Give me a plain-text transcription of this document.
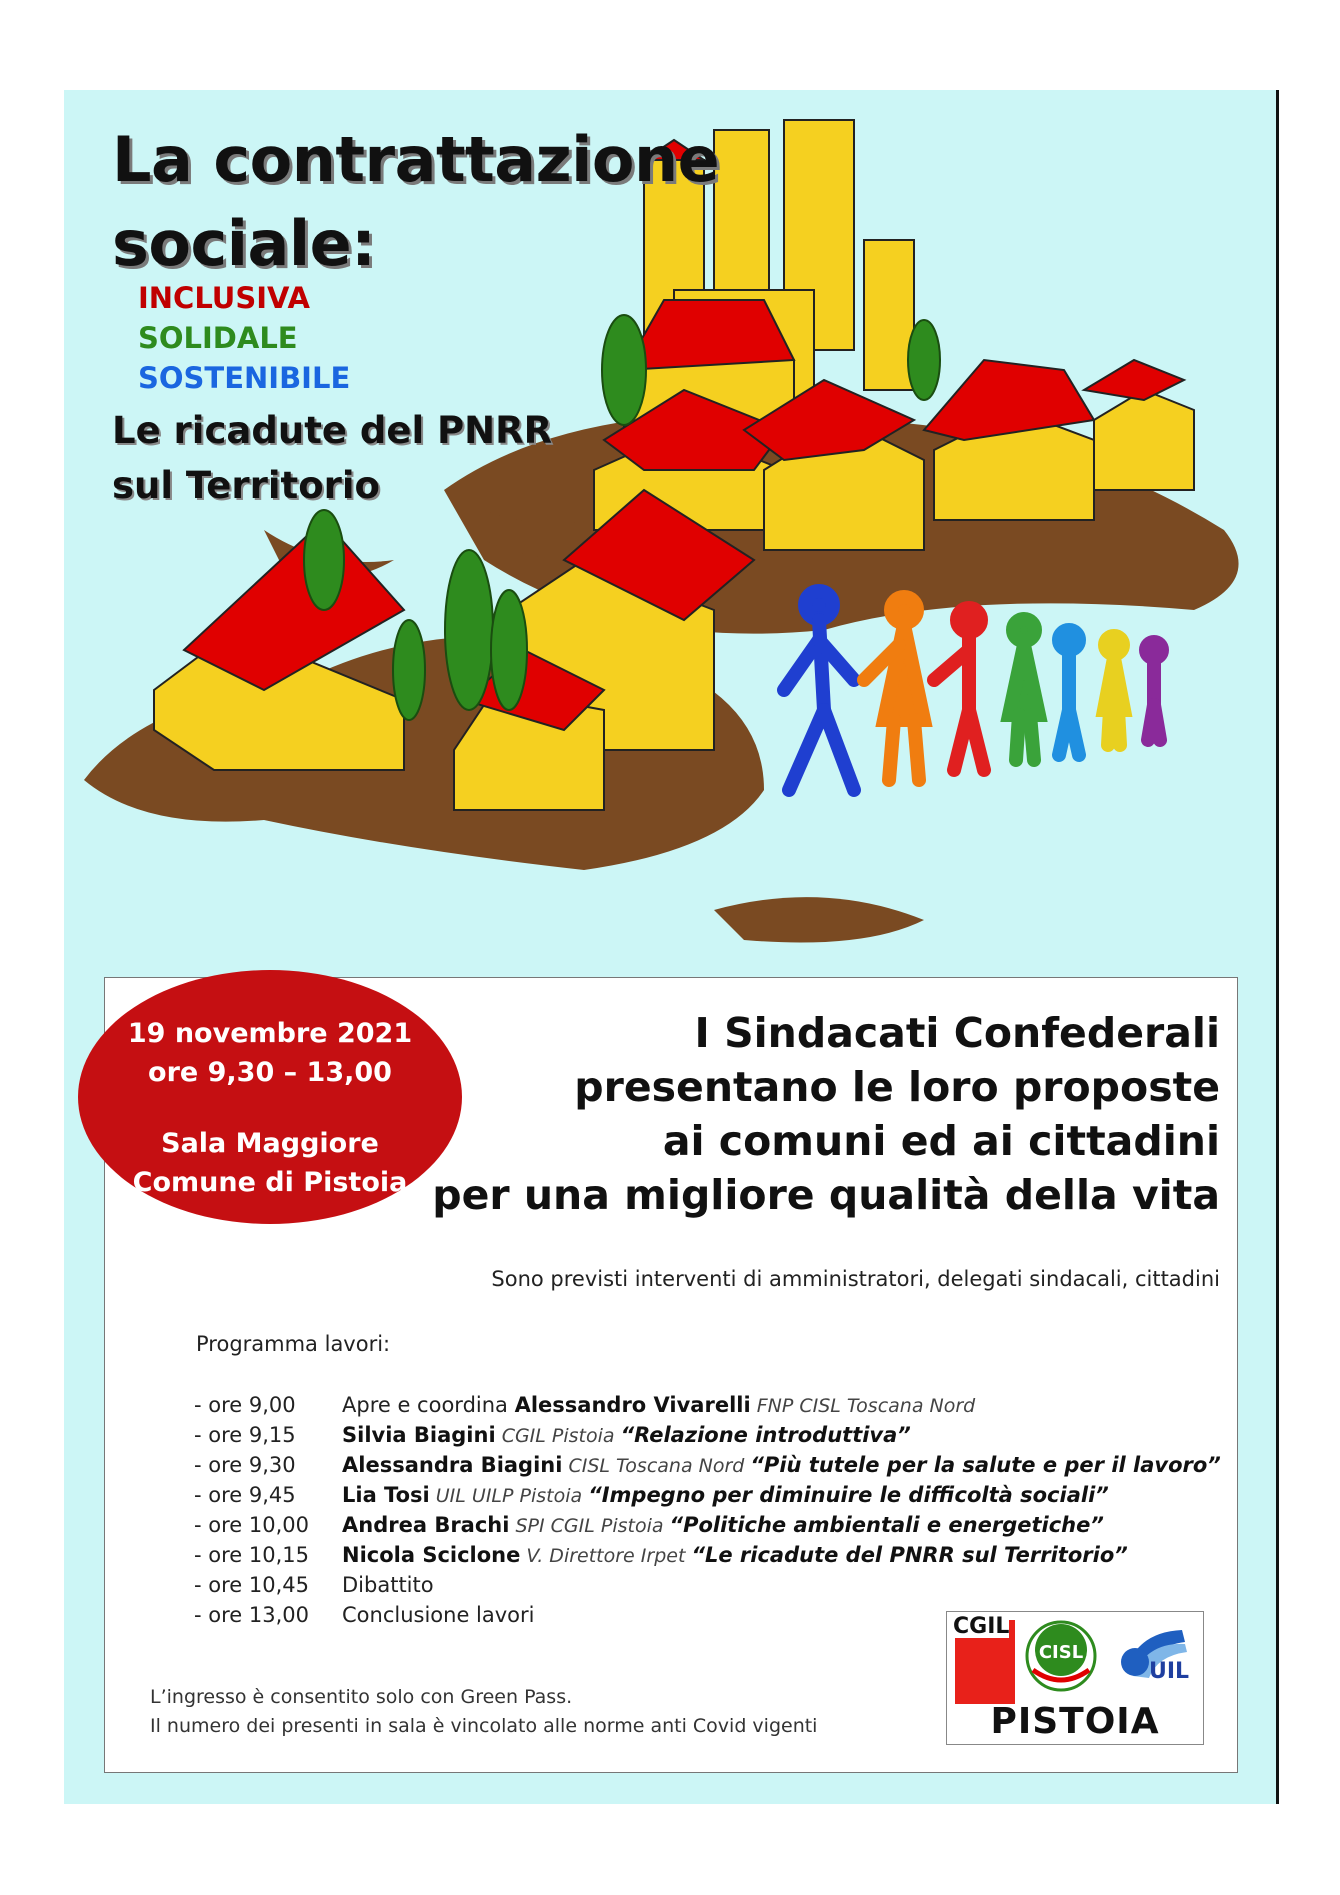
La contrattazione
sociale:
INCLUSIVA
SOLIDALE
SOSTENIBILE
Le ricadute del PNRR
sul Territorio
19 novembre 2021
ore 9,30 – 13,00
Sala Maggiore
Comune di Pistoia
I Sindacati Confederali
presentano le loro proposte
ai comuni ed ai cittadini
per una migliore qualità della vita
Sono previsti interventi di amministratori, delegati sindacali, cittadini
Programma lavori:
- ore 9,00 Apre e coordina Alessandro Vivarelli FNP CISL Toscana Nord
- ore 9,15 Silvia Biagini CGIL Pistoia “Relazione introduttiva”
- ore 9,30 Alessandra Biagini CISL Toscana Nord “Più tutele per la salute e per il lavoro”
- ore 9,45 Lia Tosi UIL UILP Pistoia “Impegno per diminuire le difficoltà sociali”
- ore 10,00 Andrea Brachi SPI CGIL Pistoia “Politiche ambientali e energetiche”
- ore 10,15 Nicola Sciclone V. Direttore Irpet “Le ricadute del PNRR sul Territorio”
- ore 10,45 Dibattito
- ore 13,00 Conclusione lavori
L’ingresso è consentito solo con Green Pass.
Il numero dei presenti in sala è vincolato alle norme anti Covid vigenti
CGIL
CISL
UIL
PISTOIA
